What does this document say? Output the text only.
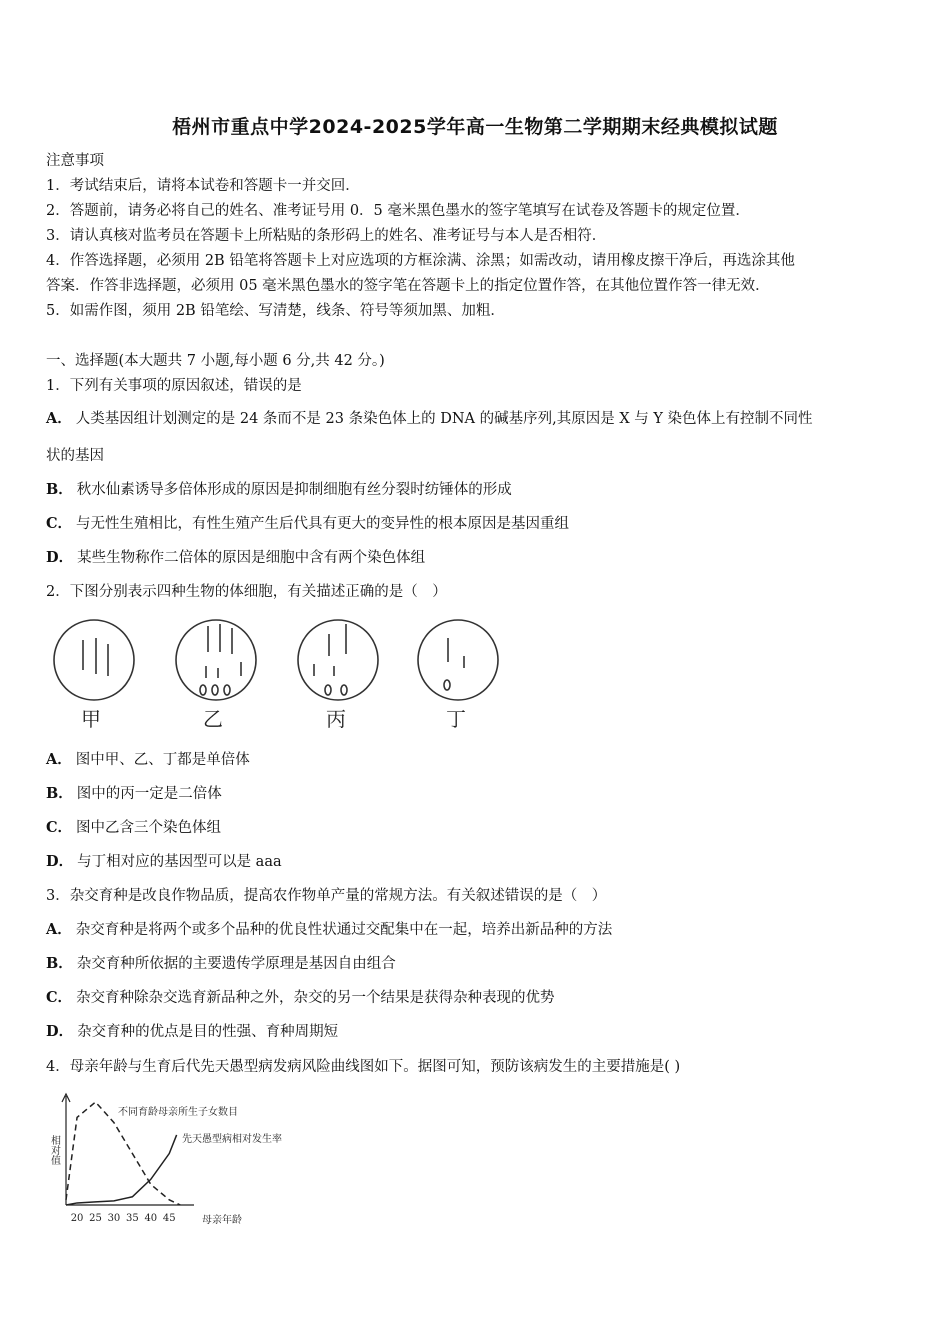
梧州市重点中学2024-2025学年高一生物第二学期期末经典模拟试题
注意事项
1．考试结束后，请将本试卷和答题卡一并交回．
2．答题前，请务必将自己的姓名、准考证号用 0．5 毫米黑色墨水的签字笔填写在试卷及答题卡的规定位置．
3．请认真核对监考员在答题卡上所粘贴的条形码上的姓名、准考证号与本人是否相符．
4．作答选择题，必须用 2B 铅笔将答题卡上对应选项的方框涂满、涂黑；如需改动，请用橡皮擦干净后，再选涂其他
答案．作答非选择题，必须用 05 毫米黑色墨水的签字笔在答题卡上的指定位置作答，在其他位置作答一律无效．
5．如需作图，须用 2B 铅笔绘、写清楚，线条、符号等须加黑、加粗．
一、选择题(本大题共 7 小题,每小题 6 分,共 42 分。)
1．下列有关事项的原因叙述，错误的是
A． 人类基因组计划测定的是 24 条而不是 23 条染色体上的 DNA 的碱基序列,其原因是 X 与 Y 染色体上有控制不同性
状的基因
B． 秋水仙素诱导多倍体形成的原因是抑制细胞有丝分裂时纺锤体的形成
C． 与无性生殖相比，有性生殖产生后代具有更大的变异性的根本原因是基因重组
D． 某些生物称作二倍体的原因是细胞中含有两个染色体组
2．下图分别表示四种生物的体细胞，有关描述正确的是（　）
甲	乙	丙	丁
A． 图中甲、乙、丁都是单倍体
B． 图中的丙一定是二倍体
C． 图中乙含三个染色体组
D． 与丁相对应的基因型可以是 aaa
3．杂交育种是改良作物品质，提高农作物单产量的常规方法。有关叙述错误的是（　）
A． 杂交育种是将两个或多个品种的优良性状通过交配集中在一起，培养出新品种的方法
B． 杂交育种所依据的主要遗传学原理是基因自由组合
C． 杂交育种除杂交选育新品种之外，杂交的另一个结果是获得杂种表现的优势
D． 杂交育种的优点是目的性强、育种周期短
4．母亲年龄与生育后代先天愚型病发病风险曲线图如下。据图可知，预防该病发生的主要措施是( )
相对值
母亲年龄
20 25 30 35 40 45
不同育龄母亲所生子女数目
先天愚型病相对发生率
